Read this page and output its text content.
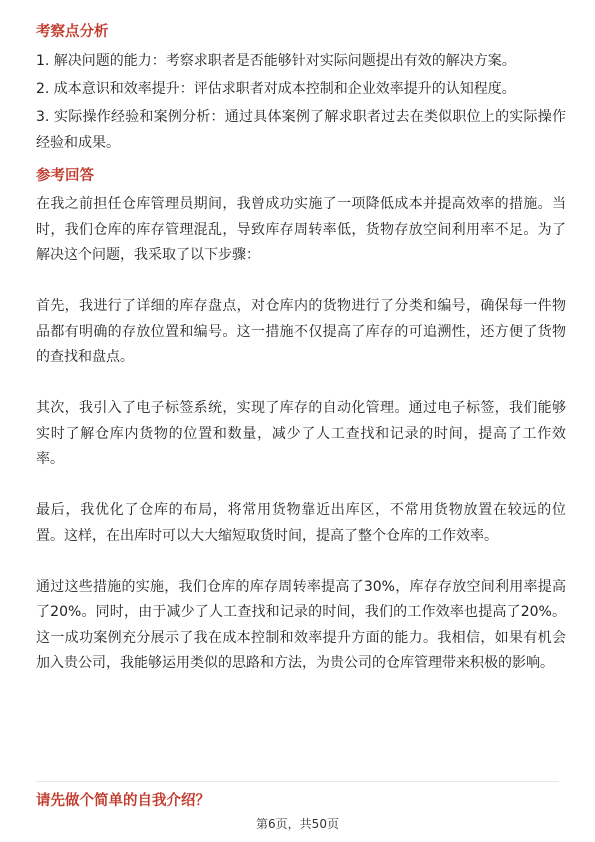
考察点分析

1. 解决问题的能力：考察求职者是否能够针对实际问题提出有效的解决方案。

2. 成本意识和效率提升：评估求职者对成本控制和企业效率提升的认知程度。

3. 实际操作经验和案例分析：通过具体案例了解求职者过去在类似职位上的实际操作经验和成果。

参考回答

在我之前担任仓库管理员期间，我曾成功实施了一项降低成本并提高效率的措施。当时，我们仓库的库存管理混乱，导致库存周转率低，货物存放空间利用率不足。为了解决这个问题，我采取了以下步骤：

首先，我进行了详细的库存盘点，对仓库内的货物进行了分类和编号，确保每一件物品都有明确的存放位置和编号。这一措施不仅提高了库存的可追溯性，还方便了货物的查找和盘点。

其次，我引入了电子标签系统，实现了库存的自动化管理。通过电子标签，我们能够实时了解仓库内货物的位置和数量，减少了人工查找和记录的时间，提高了工作效率。

最后，我优化了仓库的布局，将常用货物靠近出库区，不常用货物放置在较远的位置。这样，在出库时可以大大缩短取货时间，提高了整个仓库的工作效率。

通过这些措施的实施，我们仓库的库存周转率提高了30%，库存存放空间利用率提高了20%。同时，由于减少了人工查找和记录的时间，我们的工作效率也提高了20%。这一成功案例充分展示了我在成本控制和效率提升方面的能力。我相信，如果有机会加入贵公司，我能够运用类似的思路和方法，为贵公司的仓库管理带来积极的影响。

请先做个简单的自我介绍？
第6页，共50页
